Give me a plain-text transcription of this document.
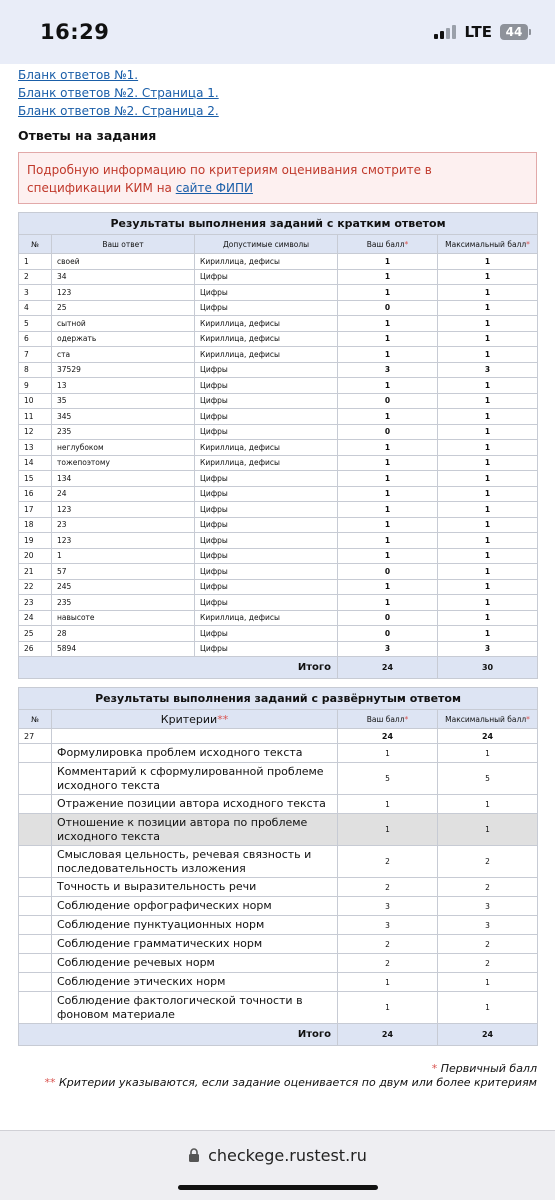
16:29	LTE	44
Бланк ответов №1.
Бланк ответов №2. Страница 1.
Бланк ответов №2. Страница 2.
Ответы на задания
Подробную информацию по критериям оценивания смотрите в спецификации КИМ на сайте ФИПИ
Результаты выполнения заданий с кратким ответом				
№	Ваш ответ	Допустимые символы	Ваш балл*	Максимальный балл*
1	своей	Кириллица, дефисы	1	1
2	34	Цифры	1	1
3	123	Цифры	1	1
4	25	Цифры	0	1
5	сытной	Кириллица, дефисы	1	1
6	одержать	Кириллица, дефисы	1	1
7	ста	Кириллица, дефисы	1	1
8	37529	Цифры	3	3
9	13	Цифры	1	1
10	35	Цифры	0	1
11	345	Цифры	1	1
12	235	Цифры	0	1
13	неглубоком	Кириллица, дефисы	1	1
14	тожепоэтому	Кириллица, дефисы	1	1
15	134	Цифры	1	1
16	24	Цифры	1	1
17	123	Цифры	1	1
18	23	Цифры	1	1
19	123	Цифры	1	1
20	1	Цифры	1	1
21	57	Цифры	0	1
22	245	Цифры	1	1
23	235	Цифры	1	1
24	навысоте	Кириллица, дефисы	0	1
25	28	Цифры	0	1
26	5894	Цифры	3	3
Итого			24	30
Результаты выполнения заданий с развёрнутым ответом			
№	Критерии**	Ваш балл*	Максимальный балл*
27		24	24
	Формулировка проблем исходного текста	1	1
	Комментарий к сформулированной проблеме исходного текста	5	5
	Отражение позиции автора исходного текста	1	1
	Отношение к позиции автора по проблеме исходного текста	1	1
	Смысловая цельность, речевая связность и последовательность изложения	2	2
	Точность и выразительность речи	2	2
	Соблюдение орфографических норм	3	3
	Соблюдение пунктуационных норм	3	3
	Соблюдение грамматических норм	2	2
	Соблюдение речевых норм	2	2
	Соблюдение этических норм	1	1
	Соблюдение фактологической точности в фоновом материале	1	1
Итого		24	24
* Первичный балл
** Критерии указываются, если задание оценивается по двум или более критериям
checkege.rustest.ru
